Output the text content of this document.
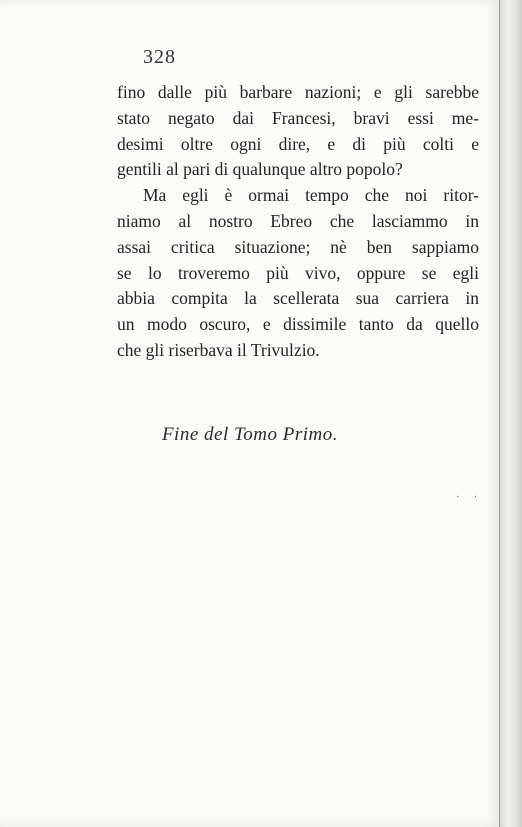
328
fino dalle più barbare nazioni; e gli sarebbe
stato negato dai Francesi, bravi essi me-
desimi oltre ogni dire, e di più colti e
gentili al pari di qualunque altro popolo?
Ma egli è ormai tempo che noi ritor-
niamo al nostro Ebreo che lasciammo in
assai critica situazione; nè ben sappiamo
se lo troveremo più vivo, oppure se egli
abbia compita la scellerata sua carriera in
un modo oscuro, e dissimile tanto da quello
che gli riserbava il Trivulzio.
Fine del Tomo Primo.
· ·
